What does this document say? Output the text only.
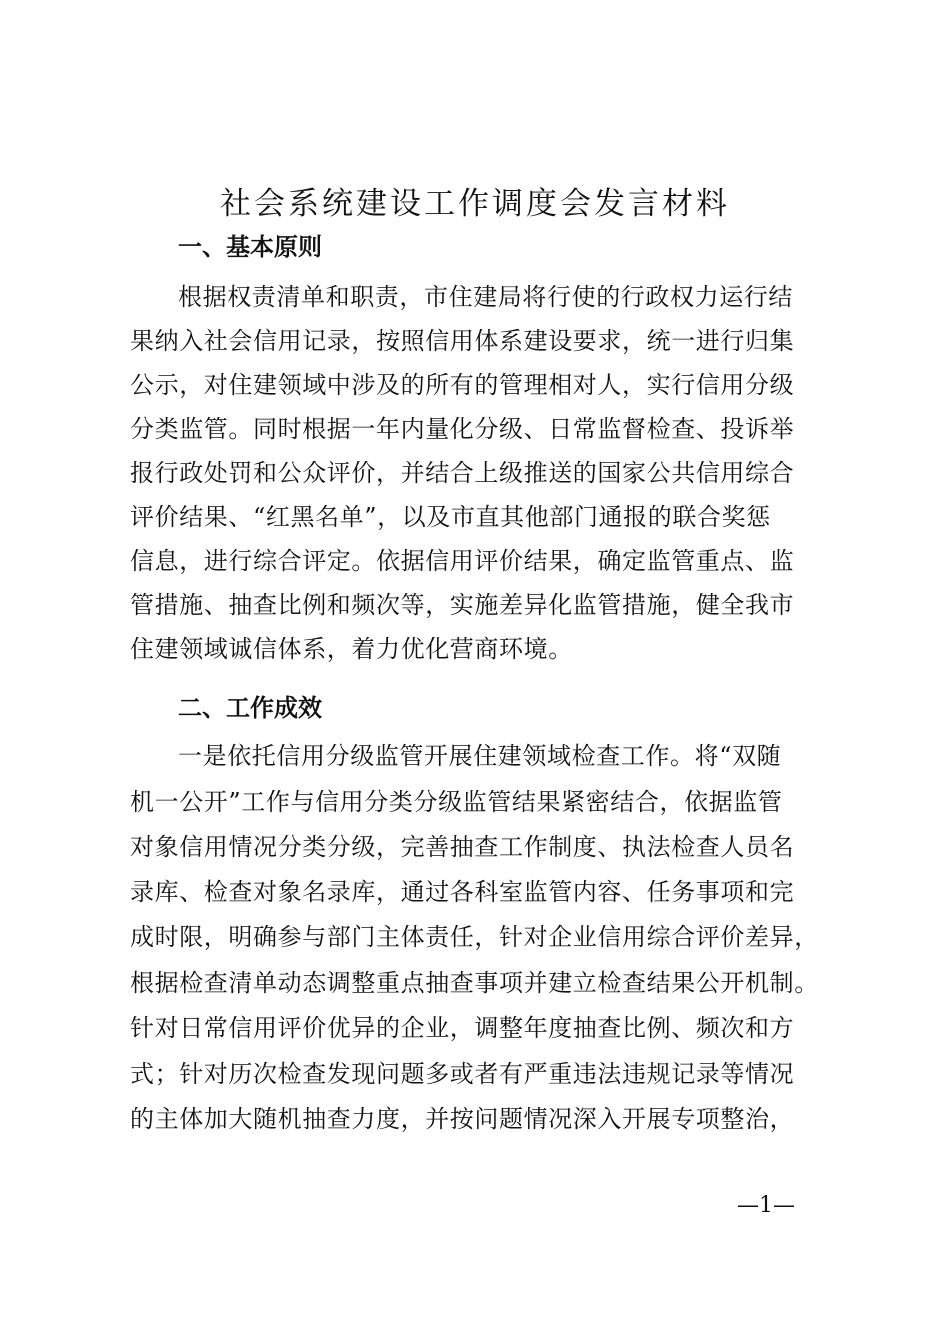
社会系统建设工作调度会发言材料
一、基本原则
根据权责清单和职责，市住建局将行使的行政权力运行结
果纳入社会信用记录，按照信用体系建设要求，统一进行归集
公示，对住建领域中涉及的所有的管理相对人，实行信用分级
分类监管。同时根据一年内量化分级、日常监督检查、投诉举
报行政处罚和公众评价，并结合上级推送的国家公共信用综合
评价结果、“红黑名单”，以及市直其他部门通报的联合奖惩
信息，进行综合评定。依据信用评价结果，确定监管重点、监
管措施、抽查比例和频次等，实施差异化监管措施，健全我市
住建领域诚信体系，着力优化营商环境。
二、工作成效
一是依托信用分级监管开展住建领域检查工作。将“双随
机一公开”工作与信用分类分级监管结果紧密结合，依据监管
对象信用情况分类分级，完善抽查工作制度、执法检查人员名
录库、检查对象名录库，通过各科室监管内容、任务事项和完
成时限，明确参与部门主体责任，针对企业信用综合评价差异，
根据检查清单动态调整重点抽查事项并建立检查结果公开机制。
针对日常信用评价优异的企业，调整年度抽查比例、频次和方
式；针对历次检查发现问题多或者有严重违法违规记录等情况
的主体加大随机抽查力度，并按问题情况深入开展专项整治，
—1—
